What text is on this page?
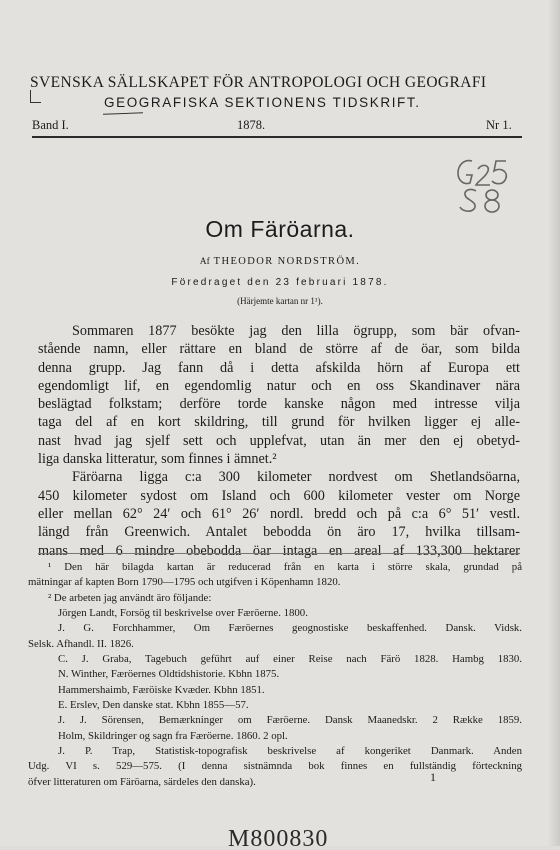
SVENSKA SÄLLSKAPET FÖR ANTROPOLOGI OCH GEOGRAFI
GEOGRAFISKA SEKTIONENS TIDSKRIFT.
Band I.	1878.	Nr 1.
Om Färöarna.
Af THEODOR NORDSTRÖM.
Föredraget den 23 februari 1878.
(Härjemte kartan nr 1¹).
Sommaren 1877 besökte jag den lilla ögrupp, som bär ofvan-
stående namn, eller rättare en bland de större af de öar, som bilda
denna grupp. Jag fann då i detta afskilda hörn af Europa ett
egendomligt lif, en egendomlig natur och en oss Skandinaver nära
beslägtad folkstam; derföre torde kanske någon med intresse vilja
taga del af en kort skildring, till grund för hvilken ligger ej alle-
nast hvad jag sjelf sett och upplefvat, utan än mer den ej obetyd-
liga danska litteratur, som finnes i ämnet.²
Färöarna ligga c:a 300 kilometer nordvest om Shetlandsöarna,
450 kilometer sydost om Island och 600 kilometer vester om Norge
eller mellan 62° 24′ och 61° 26′ nordl. bredd och på c:a 6° 51′ vestl.
längd från Greenwich. Antalet bebodda ön äro 17, hvilka tillsam-
mans med 6 mindre obebodda öar intaga en areal af 133,300 hektarer
¹ Den här bilagda kartan är reducerad från en karta i större skala, grundad på
mätningar af kapten Born 1790—1795 och utgifven i Köpenhamn 1820.
² De arbeten jag användt äro följande:
Jörgen Landt, Forsög til beskrivelse over Færöerne. 1800.
J. G. Forchhammer, Om Færöernes geognostiske beskaffenhed. Dansk. Vidsk.
Selsk. Afhandl. II. 1826.
C. J. Graba, Tagebuch geführt auf einer Reise nach Färö 1828. Hambg 1830.
N. Winther, Færöernes Oldtidshistorie. Kbhn 1875.
Hammershaimb, Færöiske Kvæder. Kbhn 1851.
E. Erslev, Den danske stat. Kbhn 1855—57.
J. J. Sörensen, Bemærkninger om Færöerne. Dansk Maanedskr. 2 Række 1859.
Holm, Skildringer og sagn fra Færöerne. 1860. 2 opl.
J. P. Trap, Statistisk-topografisk beskrivelse af kongeriket Danmark. Anden
Udg. VI s. 529—575. (I denna sistnämnda bok finnes en fullständig förteckning
öfver litteraturen om Färöarna, särdeles den danska).	1
M800830
